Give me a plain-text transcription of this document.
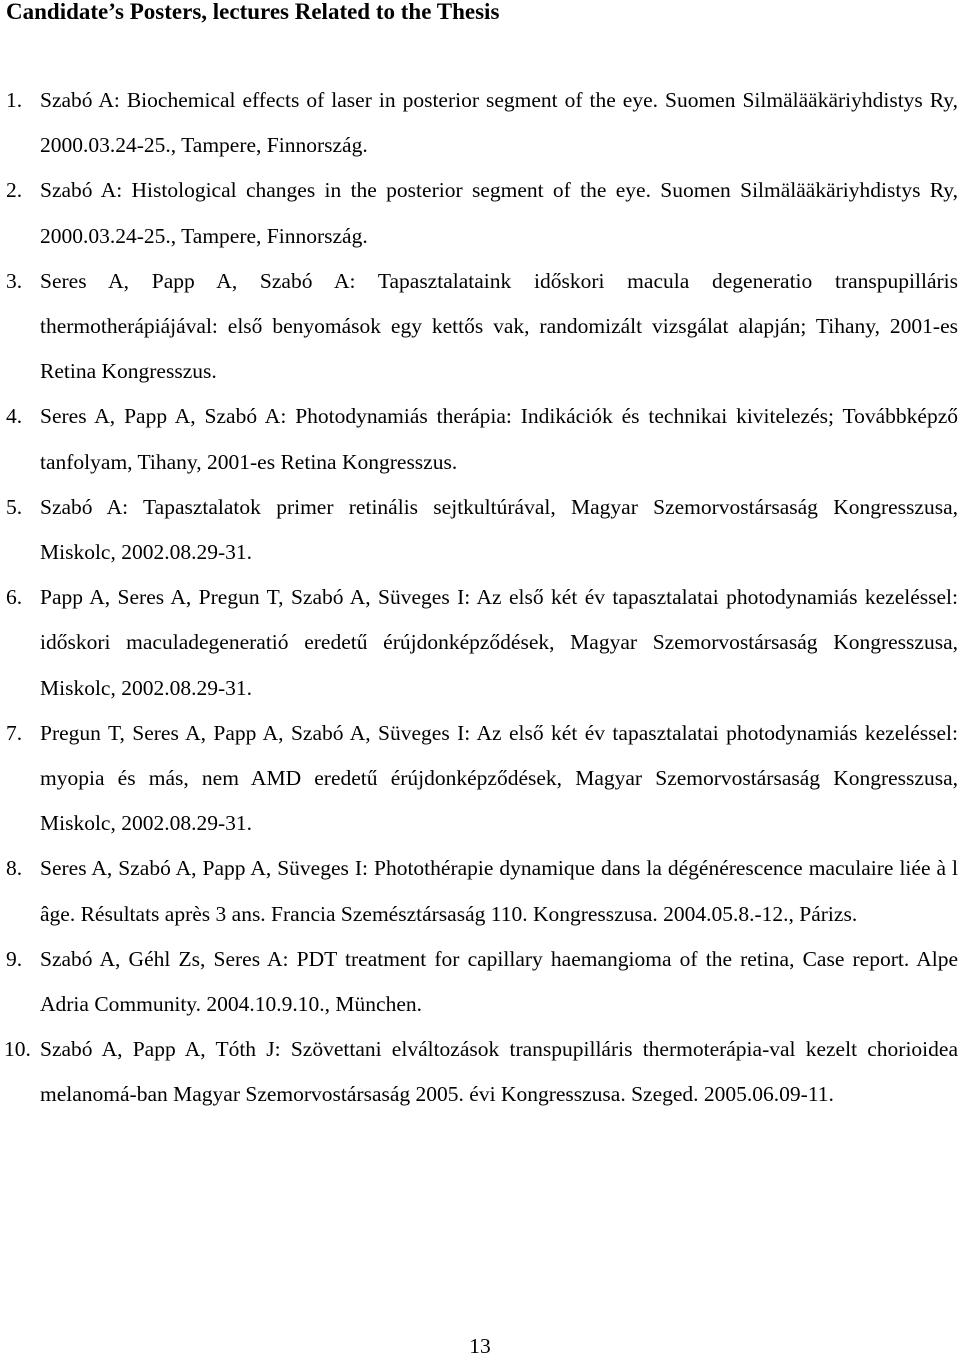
Candidate’s Posters, lectures Related to the Thesis
1. Szabó A: Biochemical effects of laser in posterior segment of the eye. Suomen Silmälääkäriyhdistys Ry, 2000.03.24-25., Tampere, Finnország.
2. Szabó A: Histological changes in the posterior segment of the eye. Suomen Silmälääkäriyhdistys Ry, 2000.03.24-25., Tampere, Finnország.
3. Seres A, Papp A, Szabó A: Tapasztalataink időskori macula degeneratio transpupilláris thermotherápiájával: első benyomások egy kettős vak, randomizált vizsgálat alapján; Tihany, 2001-es Retina Kongresszus.
4. Seres A, Papp A, Szabó A: Photodynamiás therápia: Indikációk és technikai kivitelezés; Továbbképző tanfolyam, Tihany, 2001-es Retina Kongresszus.
5. Szabó A: Tapasztalatok primer retinális sejtkultúrával, Magyar Szemorvostársaság Kongresszusa, Miskolc, 2002.08.29-31.
6. Papp A, Seres A, Pregun T, Szabó A, Süveges I: Az első két év tapasztalatai photodynamiás kezeléssel: időskori maculadegeneratió eredetű érújdonképződések, Magyar Szemorvostársaság Kongresszusa, Miskolc, 2002.08.29-31.
7. Pregun T, Seres A, Papp A, Szabó A, Süveges I: Az első két év tapasztalatai photodynamiás kezeléssel: myopia és más, nem AMD eredetű érújdonképződések, Magyar Szemorvostársaság Kongresszusa, Miskolc, 2002.08.29-31.
8. Seres A, Szabó A, Papp A, Süveges I: Photothérapie dynamique dans la dégénérescence maculaire liée à l âge. Résultats après 3 ans. Francia Szemésztársaság 110. Kongresszusa. 2004.05.8.-12., Párizs.
9. Szabó A, Géhl Zs, Seres A: PDT treatment for capillary haemangioma of the retina, Case report. Alpe Adria Community. 2004.10.9.10., München.
10. Szabó A, Papp A, Tóth J: Szövettani elváltozások transpupilláris thermoterápia-val kezelt chorioidea melanomá-ban Magyar Szemorvostársaság 2005. évi Kongresszusa. Szeged. 2005.06.09-11.
13
